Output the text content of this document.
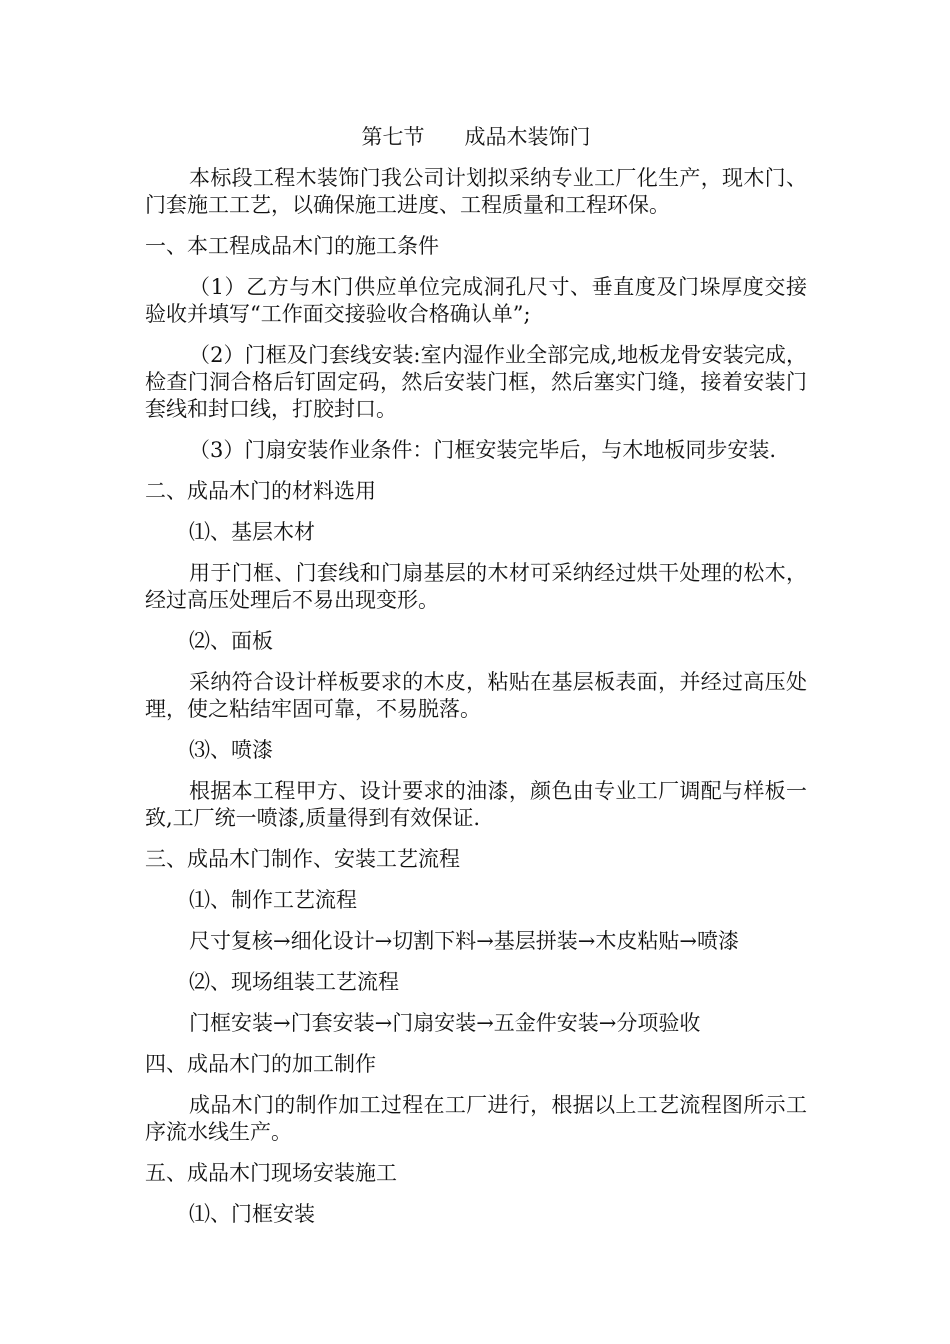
第七节      成品木装饰门

本标段工程木装饰门我公司计划拟采纳专业工厂化生产，现木门、门套施工工艺，以确保施工进度、工程质量和工程环保。

一、本工程成品木门的施工条件

（1）乙方与木门供应单位完成洞孔尺寸、垂直度及门垛厚度交接验收并填写“工作面交接验收合格确认单”;

（2）门框及门套线安装:室内湿作业全部完成,地板龙骨安装完成，检查门洞合格后钉固定码，然后安装门框，然后塞实门缝，接着安装门套线和封口线，打胶封口。

（3）门扇安装作业条件：门框安装完毕后，与木地板同步安装.

二、成品木门的材料选用

⑴、基层木材

用于门框、门套线和门扇基层的木材可采纳经过烘干处理的松木，经过高压处理后不易出现变形。

⑵、面板

采纳符合设计样板要求的木皮，粘贴在基层板表面，并经过高压处理，使之粘结牢固可靠，不易脱落。

⑶、喷漆

根据本工程甲方、设计要求的油漆，颜色由专业工厂调配与样板一致,工厂统一喷漆,质量得到有效保证.

三、成品木门制作、安装工艺流程

⑴、制作工艺流程

尺寸复核→细化设计→切割下料→基层拼装→木皮粘贴→喷漆

⑵、现场组装工艺流程

门框安装→门套安装→门扇安装→五金件安装→分项验收

四、成品木门的加工制作

成品木门的制作加工过程在工厂进行，根据以上工艺流程图所示工序流水线生产。

五、成品木门现场安装施工

⑴、门框安装
